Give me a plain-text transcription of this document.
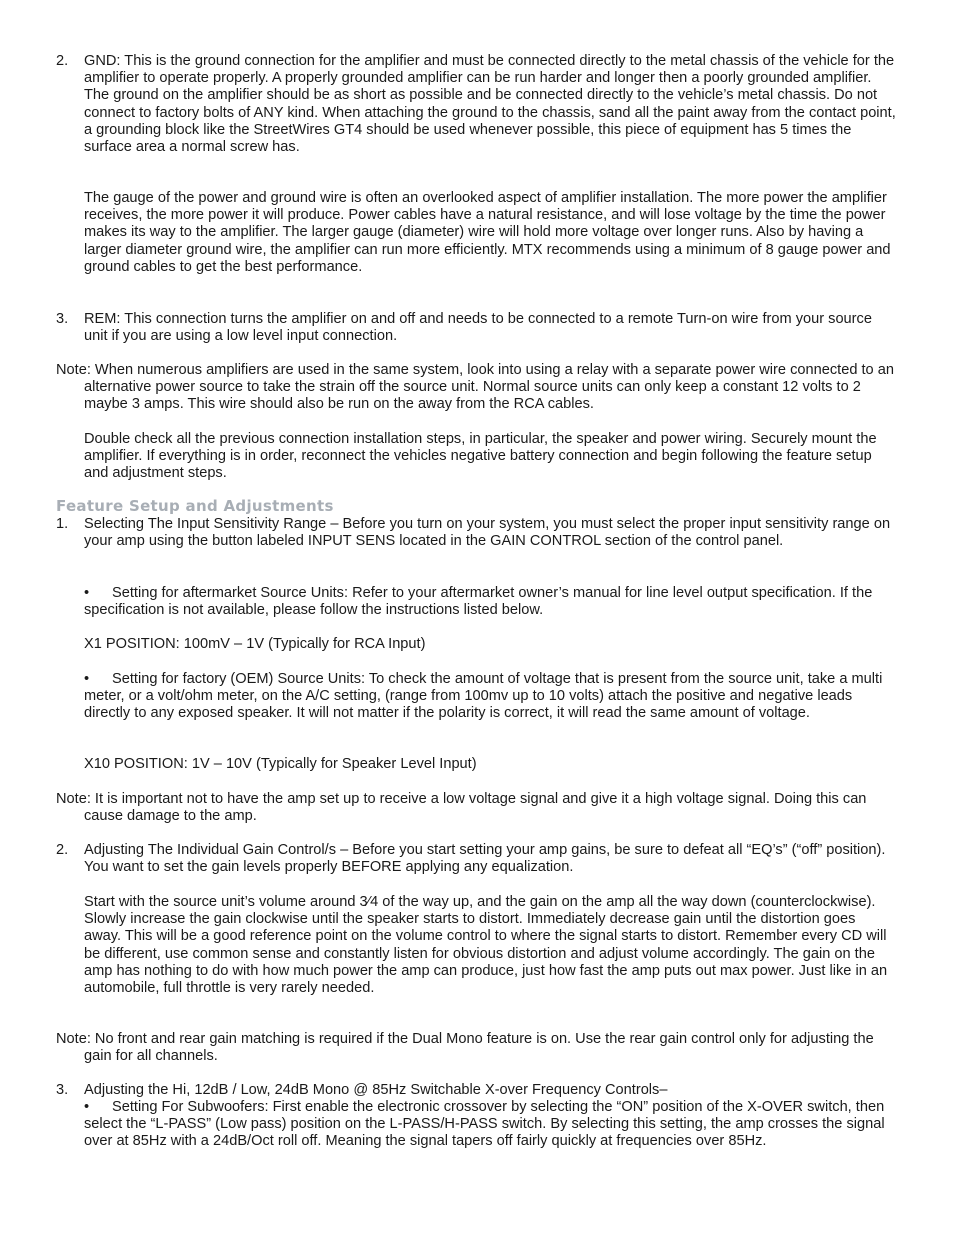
2.	GND: This is the ground connection for the amplifier and must be connected directly to the metal chassis of the vehicle for the amplifier to operate properly. A properly grounded amplifier can be run harder and longer then a poorly grounded amplifier. The ground on the amplifier should be as short as possible and be connected directly to the vehicle’s metal chassis. Do not connect to factory bolts of ANY kind. When attaching the ground to the chassis, sand all the paint away from the contact point, a grounding block like the StreetWires GT4 should be used whenever possible, this piece of equipment has 5 times the surface area a normal screw has.

The gauge of the power and ground wire is often an overlooked aspect of amplifier installation. The more power the amplifier receives, the more power it will produce. Power cables have a natural resistance, and will lose voltage by the time the power makes its way to the amplifier. The larger gauge (diameter) wire will hold more voltage over longer runs. Also by having a larger diameter ground wire, the amplifier can run more efficiently. MTX recommends using a minimum of 8 gauge power and ground cables to get the best performance.

3.	REM: This connection turns the amplifier on and off and needs to be connected to a remote Turn-on wire from your source unit if you are using a low level input connection.
Note: When numerous amplifiers are used in the same system, look into using a relay with a separate power wire connected to an alternative power source to take the strain off the source unit. Normal source units can only keep a constant 12 volts to 2 maybe 3 amps. This wire should also be run on the away from the RCA cables.

Double check all the previous connection installation steps, in particular, the speaker and power wiring. Securely mount the amplifier. If everything is in order, reconnect the vehicles negative battery connection and begin following the feature setup and adjustment steps.

Feature Setup and Adjustments
1.	Selecting The Input Sensitivity Range – Before you turn on your system, you must select the proper input sensitivity range on your amp using the button labeled INPUT SENS located in the GAIN CONTROL section of the control panel.

• Setting for aftermarket Source Units: Refer to your aftermarket owner’s manual for line level output specification. If the specification is not available, please follow the instructions listed below.

X1 POSITION: 100mV – 1V (Typically for RCA Input)

• Setting for factory (OEM) Source Units: To check the amount of voltage that is present from the source unit, take a multi meter, or a volt/ohm meter, on the A/C setting, (range from 100mv up to 10 volts) attach the positive and negative leads directly to any exposed speaker. It will not matter if the polarity is correct, it will read the same amount of voltage.

X10 POSITION: 1V – 10V (Typically for Speaker Level Input)

Note: It is important not to have the amp set up to receive a low voltage signal and give it a high voltage signal. Doing this can cause damage to the amp.
2.	Adjusting The Individual Gain Control/s – Before you start setting your amp gains, be sure to defeat all “EQ’s” (“off” position). You want to set the gain levels properly BEFORE applying any equalization.

Start with the source unit’s volume around 3⁄4 of the way up, and the gain on the amp all the way down (counterclockwise). Slowly increase the gain clockwise until the speaker starts to distort. Immediately decrease gain until the distortion goes away. This will be a good reference point on the volume control to where the signal starts to distort. Remember every CD will be different, use common sense and constantly listen for obvious distortion and adjust volume accordingly. The gain on the amp has nothing to do with how much power the amp can produce, just how fast the amp puts out max power. Just like in an automobile, full throttle is very rarely needed.

Note: No front and rear gain matching is required if the Dual Mono feature is on. Use the rear gain control only for adjusting the gain for all channels.
3.	Adjusting the Hi, 12dB / Low, 24dB Mono @ 85Hz Switchable X-over Frequency Controls–

• Setting For Subwoofers: First enable the electronic crossover by selecting the “ON” position of the X-OVER switch, then select the “L-PASS” (Low pass) position on the L-PASS/H-PASS switch. By selecting this setting, the amp crosses the signal over at 85Hz with a 24dB/Oct roll off. Meaning the signal tapers off fairly quickly at frequencies over 85Hz.
